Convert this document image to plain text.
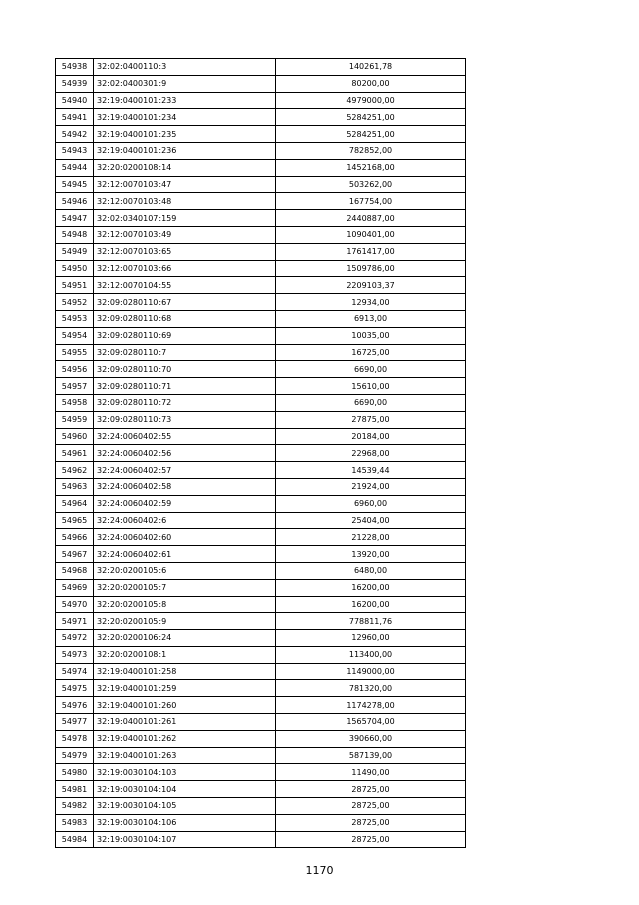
54938	32:02:0400110:3	140261,78
54939	32:02:0400301:9	80200,00
54940	32:19:0400101:233	4979000,00
54941	32:19:0400101:234	5284251,00
54942	32:19:0400101:235	5284251,00
54943	32:19:0400101:236	782852,00
54944	32:20:0200108:14	1452168,00
54945	32:12:0070103:47	503262,00
54946	32:12:0070103:48	167754,00
54947	32:02:0340107:159	2440887,00
54948	32:12:0070103:49	1090401,00
54949	32:12:0070103:65	1761417,00
54950	32:12:0070103:66	1509786,00
54951	32:12:0070104:55	2209103,37
54952	32:09:0280110:67	12934,00
54953	32:09:0280110:68	6913,00
54954	32:09:0280110:69	10035,00
54955	32:09:0280110:7	16725,00
54956	32:09:0280110:70	6690,00
54957	32:09:0280110:71	15610,00
54958	32:09:0280110:72	6690,00
54959	32:09:0280110:73	27875,00
54960	32:24:0060402:55	20184,00
54961	32:24:0060402:56	22968,00
54962	32:24:0060402:57	14539,44
54963	32:24:0060402:58	21924,00
54964	32:24:0060402:59	6960,00
54965	32:24:0060402:6	25404,00
54966	32:24:0060402:60	21228,00
54967	32:24:0060402:61	13920,00
54968	32:20:0200105:6	6480,00
54969	32:20:0200105:7	16200,00
54970	32:20:0200105:8	16200,00
54971	32:20:0200105:9	778811,76
54972	32:20:0200106:24	12960,00
54973	32:20:0200108:1	113400,00
54974	32:19:0400101:258	1149000,00
54975	32:19:0400101:259	781320,00
54976	32:19:0400101:260	1174278,00
54977	32:19:0400101:261	1565704,00
54978	32:19:0400101:262	390660,00
54979	32:19:0400101:263	587139,00
54980	32:19:0030104:103	11490,00
54981	32:19:0030104:104	28725,00
54982	32:19:0030104:105	28725,00
54983	32:19:0030104:106	28725,00
54984	32:19:0030104:107	28725,00
1170
